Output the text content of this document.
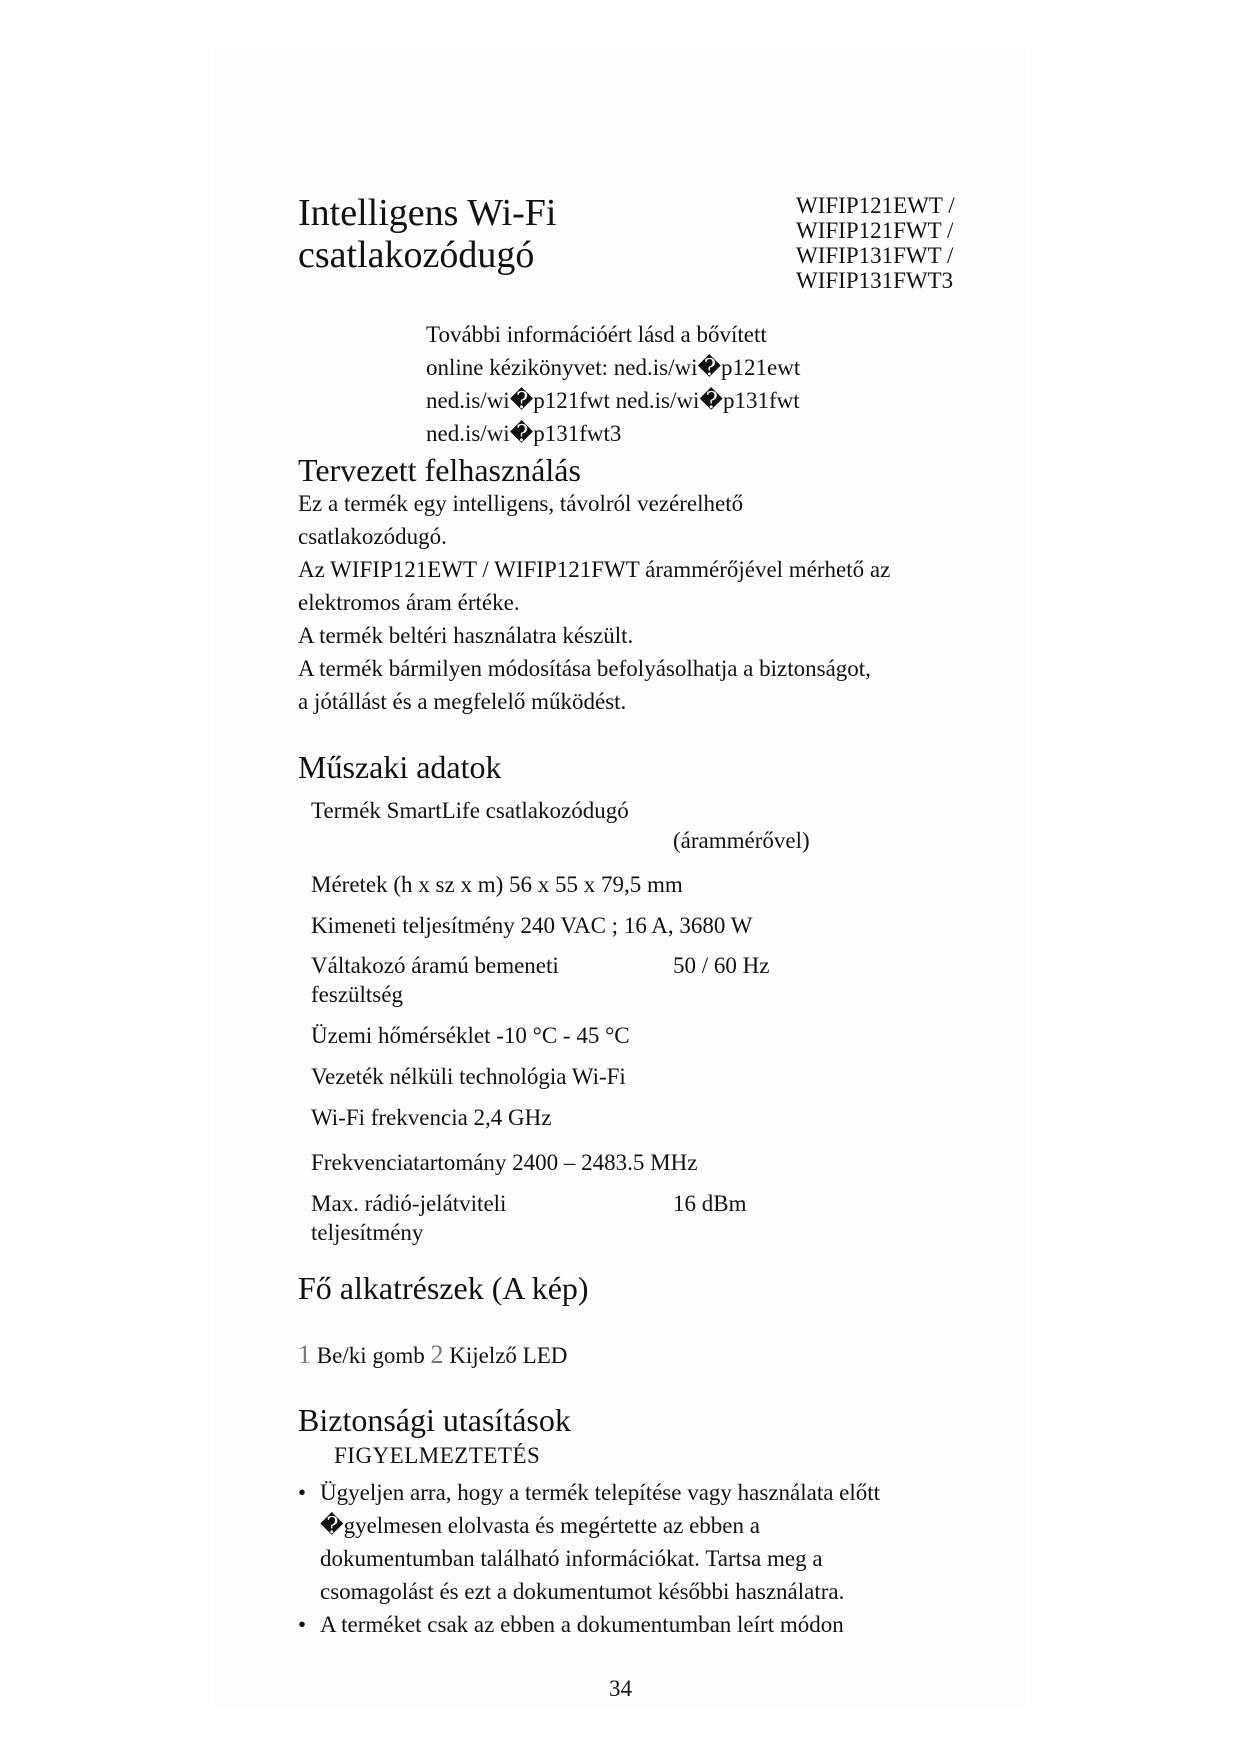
Intelligens Wi-Fi
csatlakozódugó
WIFIP121EWT /
WIFIP121FWT /
WIFIP131FWT /
WIFIP131FWT3
További információért lásd a bővített
online kézikönyvet: ned.is/wi�p121ewt
ned.is/wi�p121fwt ned.is/wi�p131fwt
ned.is/wi�p131fwt3
Tervezett felhasználás
Ez a termék egy intelligens, távolról vezérelhető
csatlakozódugó.
Az WIFIP121EWT / WIFIP121FWT árammérőjével mérhető az
elektromos áram értéke.
A termék beltéri használatra készült.
A termék bármilyen módosítása befolyásolhatja a biztonságot,
a jótállást és a megfelelő működést.
Műszaki adatok
Termék SmartLife csatlakozódugó
(árammérővel)
Méretek (h x sz x m) 56 x 55 x 79,5 mm
Kimeneti teljesítmény 240 VAC ; 16 A, 3680 W
Váltakozó áramú bemeneti
feszültség
50 / 60 Hz
Üzemi hőmérséklet -10 °C - 45 °C
Vezeték nélküli technológia Wi-Fi
Wi-Fi frekvencia 2,4 GHz
Frekvenciatartomány 2400 – 2483.5 MHz
Max. rádió-jelátviteli
teljesítmény
16 dBm
Fő alkatrészek (A kép)
1 Be/ki gomb 2 Kijelző LED
Biztonsági utasítások
FIGYELMEZTETÉS
• Ügyeljen arra, hogy a termék telepítése vagy használata előtt
�gyelmesen elolvasta és megértette az ebben a
dokumentumban található információkat. Tartsa meg a
csomagolást és ezt a dokumentumot későbbi használatra.
• A terméket csak az ebben a dokumentumban leírt módon
34
